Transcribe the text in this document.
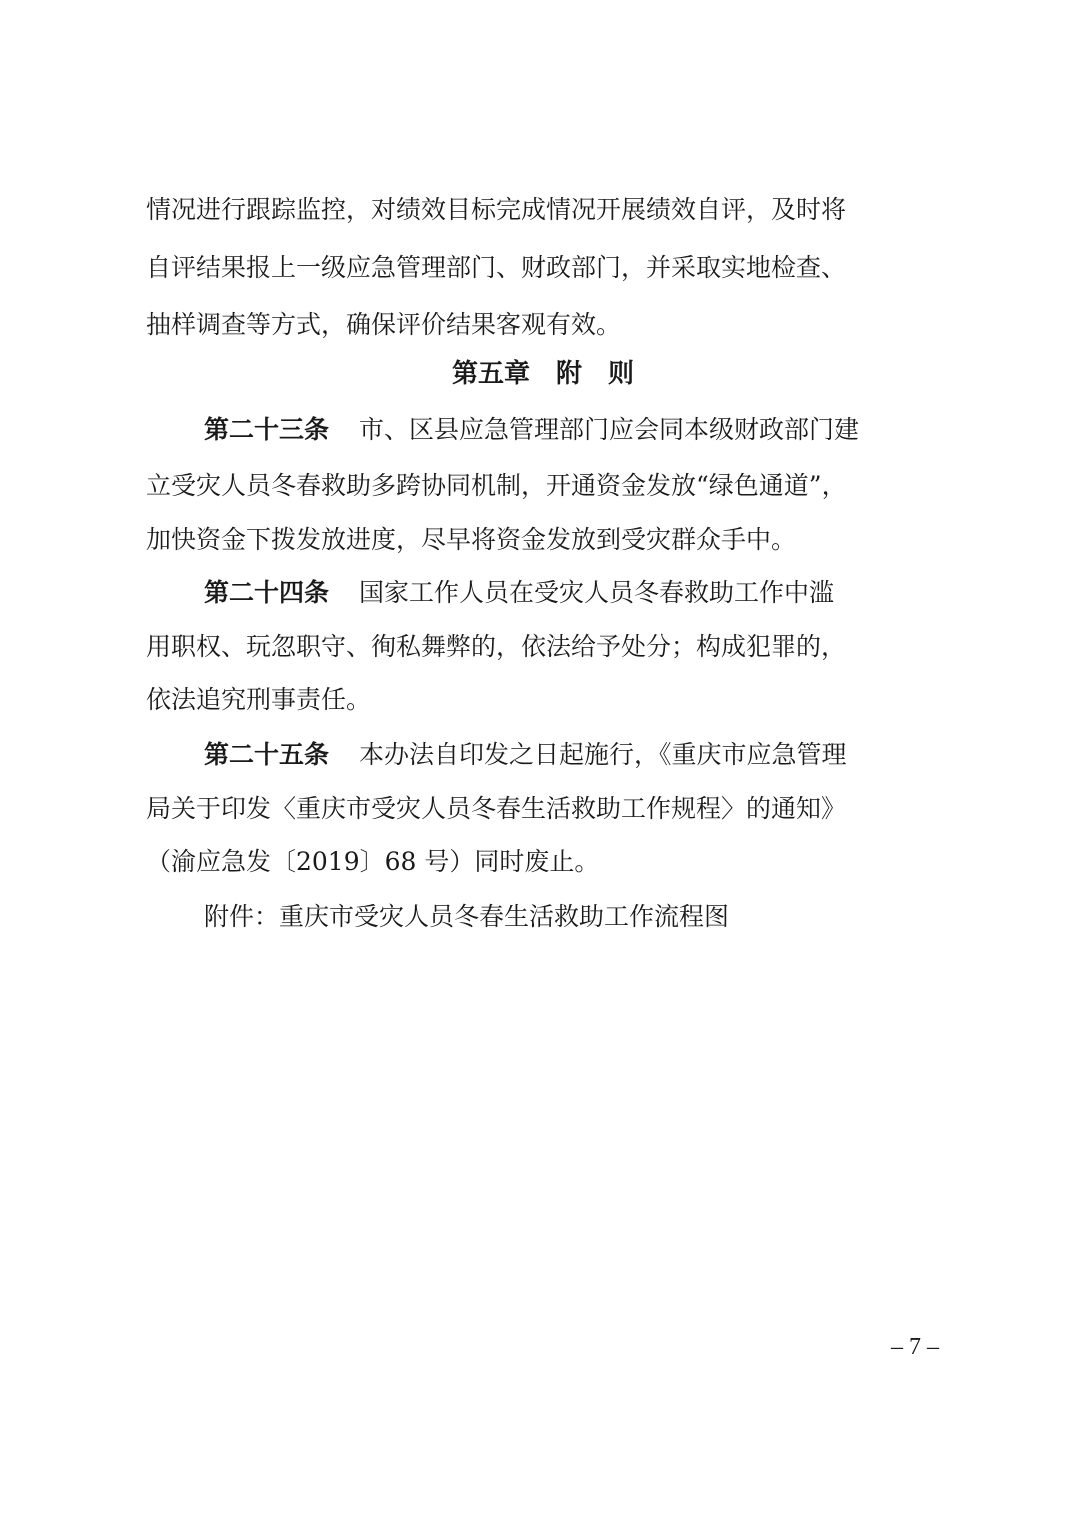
情况进行跟踪监控，对绩效目标完成情况开展绩效自评，及时将
自评结果报上一级应急管理部门、财政部门，并采取实地检查、
抽样调查等方式，确保评价结果客观有效。
第五章　附　则
第二十三条 市、区县应急管理部门应会同本级财政部门建
立受灾人员冬春救助多跨协同机制，开通资金发放“绿色通道”，
加快资金下拨发放进度，尽早将资金发放到受灾群众手中。
第二十四条 国家工作人员在受灾人员冬春救助工作中滥
用职权、玩忽职守、徇私舞弊的，依法给予处分；构成犯罪的，
依法追究刑事责任。
第二十五条 本办法自印发之日起施行，《重庆市应急管理
局关于印发〈重庆市受灾人员冬春生活救助工作规程〉的通知》
（渝应急发〔2019〕68 号）同时废止。
附件：重庆市受灾人员冬春生活救助工作流程图
– 7 –
